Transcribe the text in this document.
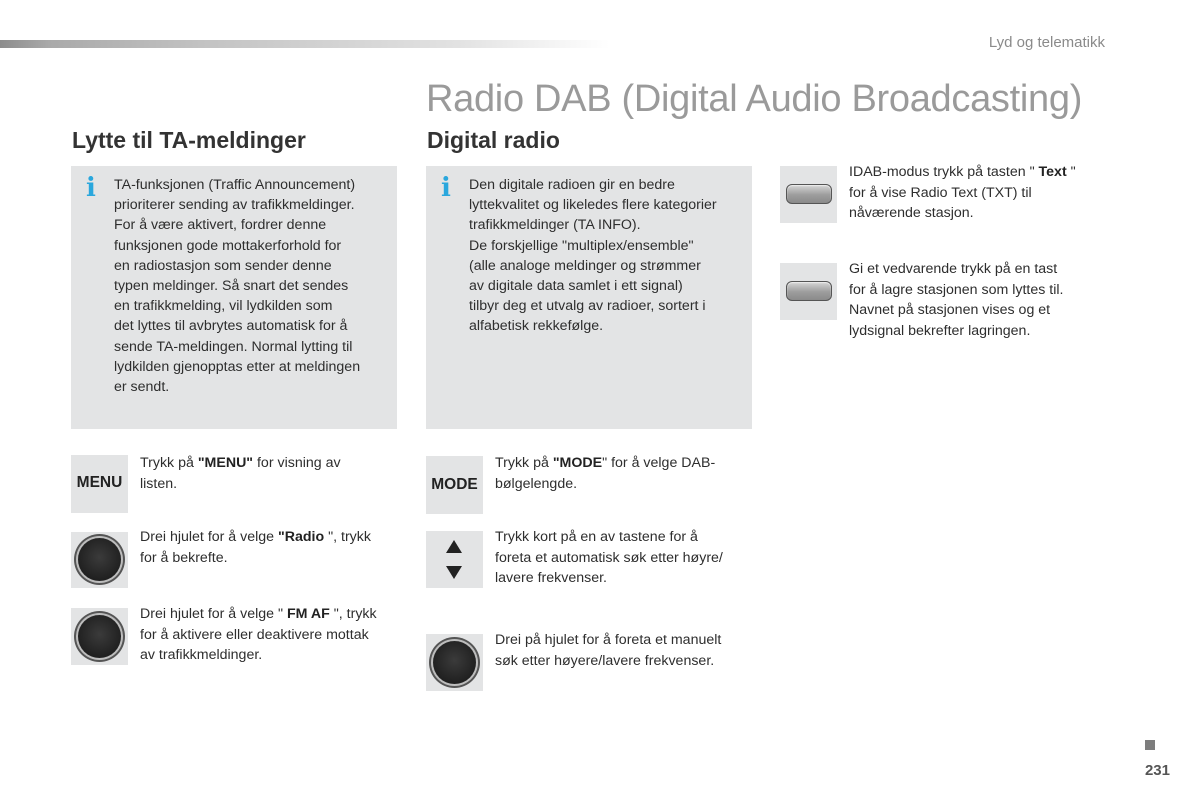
Lyd og telematikk
Radio DAB (Digital Audio Broadcasting)
Lytte til TA-meldinger
i TA-funksjonen (Traffic Announcement)
prioriterer sending av trafikkmeldinger.
For å være aktivert, fordrer denne
funksjonen gode mottakerforhold for
en radiostasjon som sender denne
typen meldinger. Så snart det sendes
en trafikkmelding, vil lydkilden som
det lyttes til avbrytes automatisk for å
sende TA-meldingen. Normal lytting til
lydkilden gjenopptas etter at meldingen
er sendt.
MENU
Trykk på "MENU" for visning av
listen.
Drei hjulet for å velge "Radio ", trykk
for å bekrefte.
Drei hjulet for å velge " FM AF ", trykk
for å aktivere eller deaktivere mottak
av trafikkmeldinger.
Digital radio
i Den digitale radioen gir en bedre
lyttekvalitet og likeledes flere kategorier
trafikkmeldinger (TA INFO).
De forskjellige "multiplex/ensemble"
(alle analoge meldinger og strømmer
av digitale data samlet i ett signal)
tilbyr deg et utvalg av radioer, sortert i
alfabetisk rekkefølge.
MODE
Trykk på "MODE" for å velge DAB-
bølgelengde.
Trykk kort på en av tastene for å
foreta et automatisk søk etter høyre/
lavere frekvenser.
Drei på hjulet for å foreta et manuelt
søk etter høyere/lavere frekvenser.
IDAB-modus trykk på tasten " Text "
for å vise Radio Text (TXT) til
nåværende stasjon.
Gi et vedvarende trykk på en tast
for å lagre stasjonen som lyttes til.
Navnet på stasjonen vises og et
lydsignal bekrefter lagringen.
231
